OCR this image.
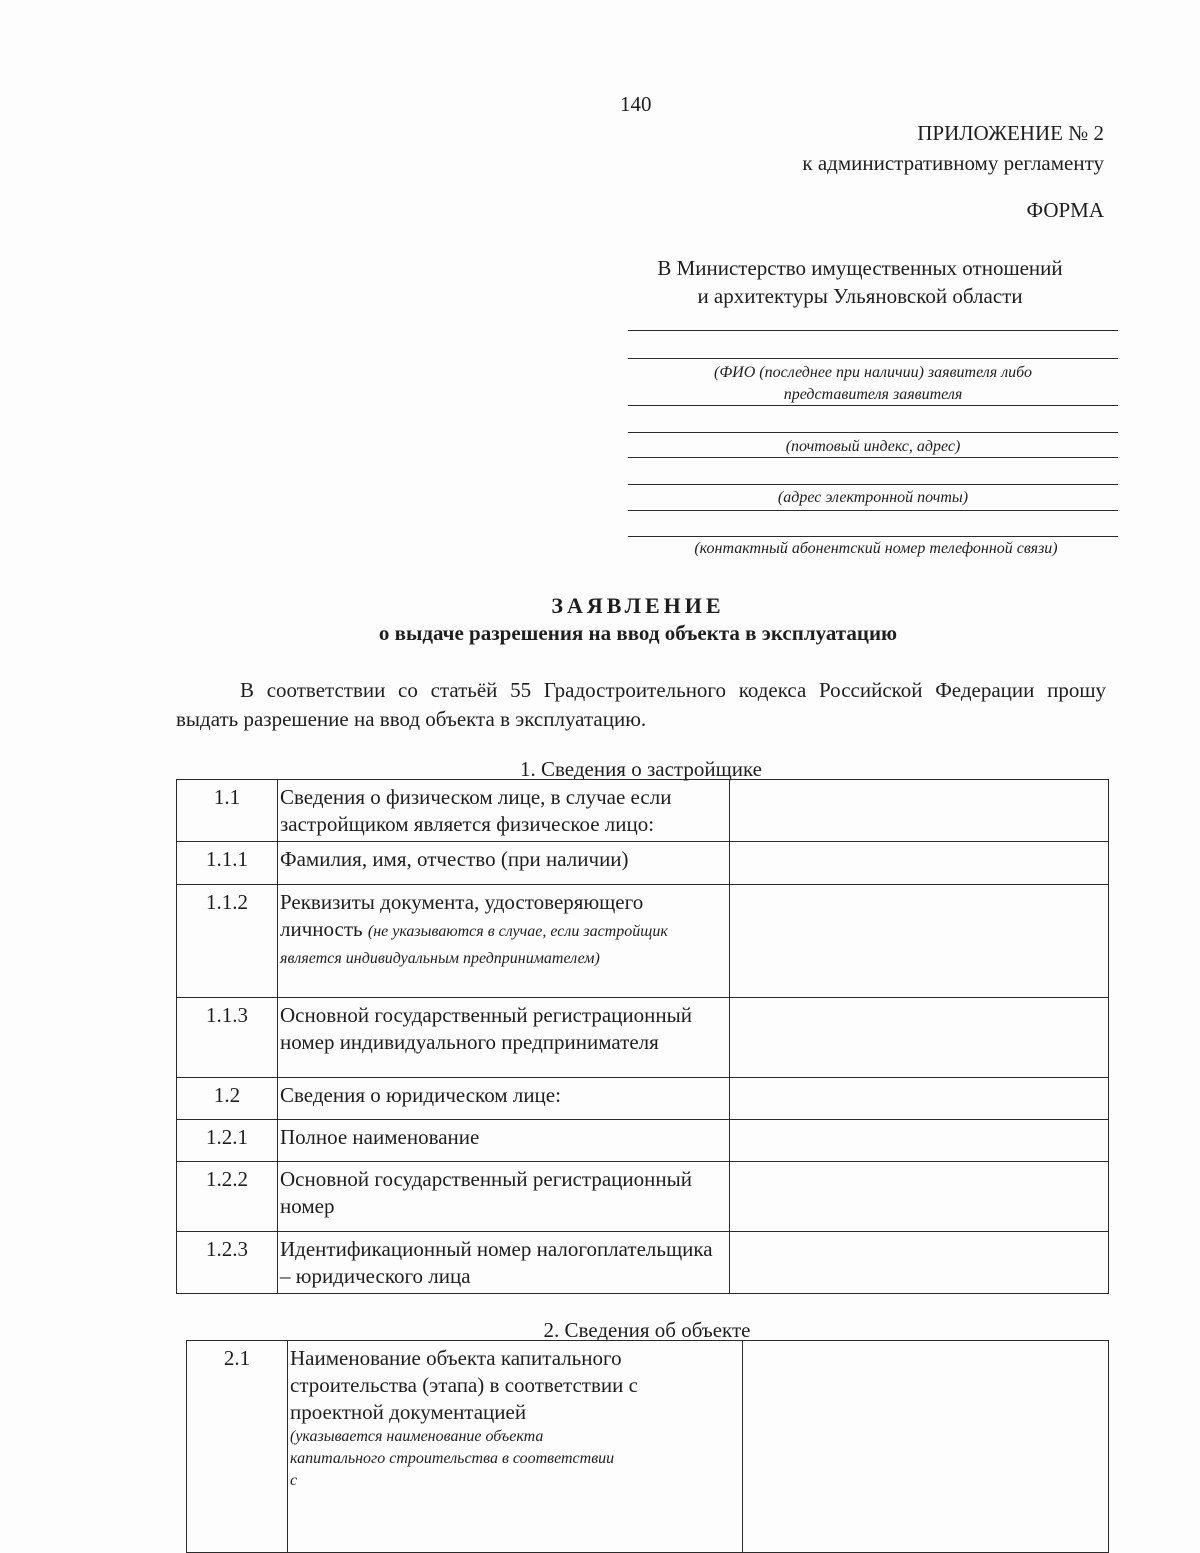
140
ПРИЛОЖЕНИЕ № 2
к административному регламенту
ФОРМА
В Министерство имущественных отношений
и архитектуры Ульяновской области
(ФИО (последнее при наличии) заявителя либо
представителя заявителя
(почтовый индекс, адрес)
(адрес электронной почты)
(контактный абонентский номер телефонной связи)
ЗАЯВЛЕНИЕ
о выдаче разрешения на ввод объекта в эксплуатацию
В соответствии со статьёй 55 Градостроительного кодекса Российской Федерации прошу выдать разрешение на ввод объекта в эксплуатацию.
1. Сведения о застройщике
1.1	Сведения о физическом лице, в случае если застройщиком является физическое лицо:	
1.1.1	Фамилия, имя, отчество (при наличии)	
1.1.2	Реквизиты документа, удостоверяющего личность (не указываются в случае, если застройщик является индивидуальным предпринимателем)	
1.1.3	Основной государственный регистрационный номер индивидуального предпринимателя	
1.2	Сведения о юридическом лице:	
1.2.1	Полное наименование	
1.2.2	Основной государственный регистрационный номер	
1.2.3	Идентификационный номер налогоплательщика – юридического лица	
2. Сведения об объекте
2.1	Наименование объекта капитального строительства (этапа) в соответствии с проектной документацией
(указывается наименование объекта капитального строительства в соответствии с
